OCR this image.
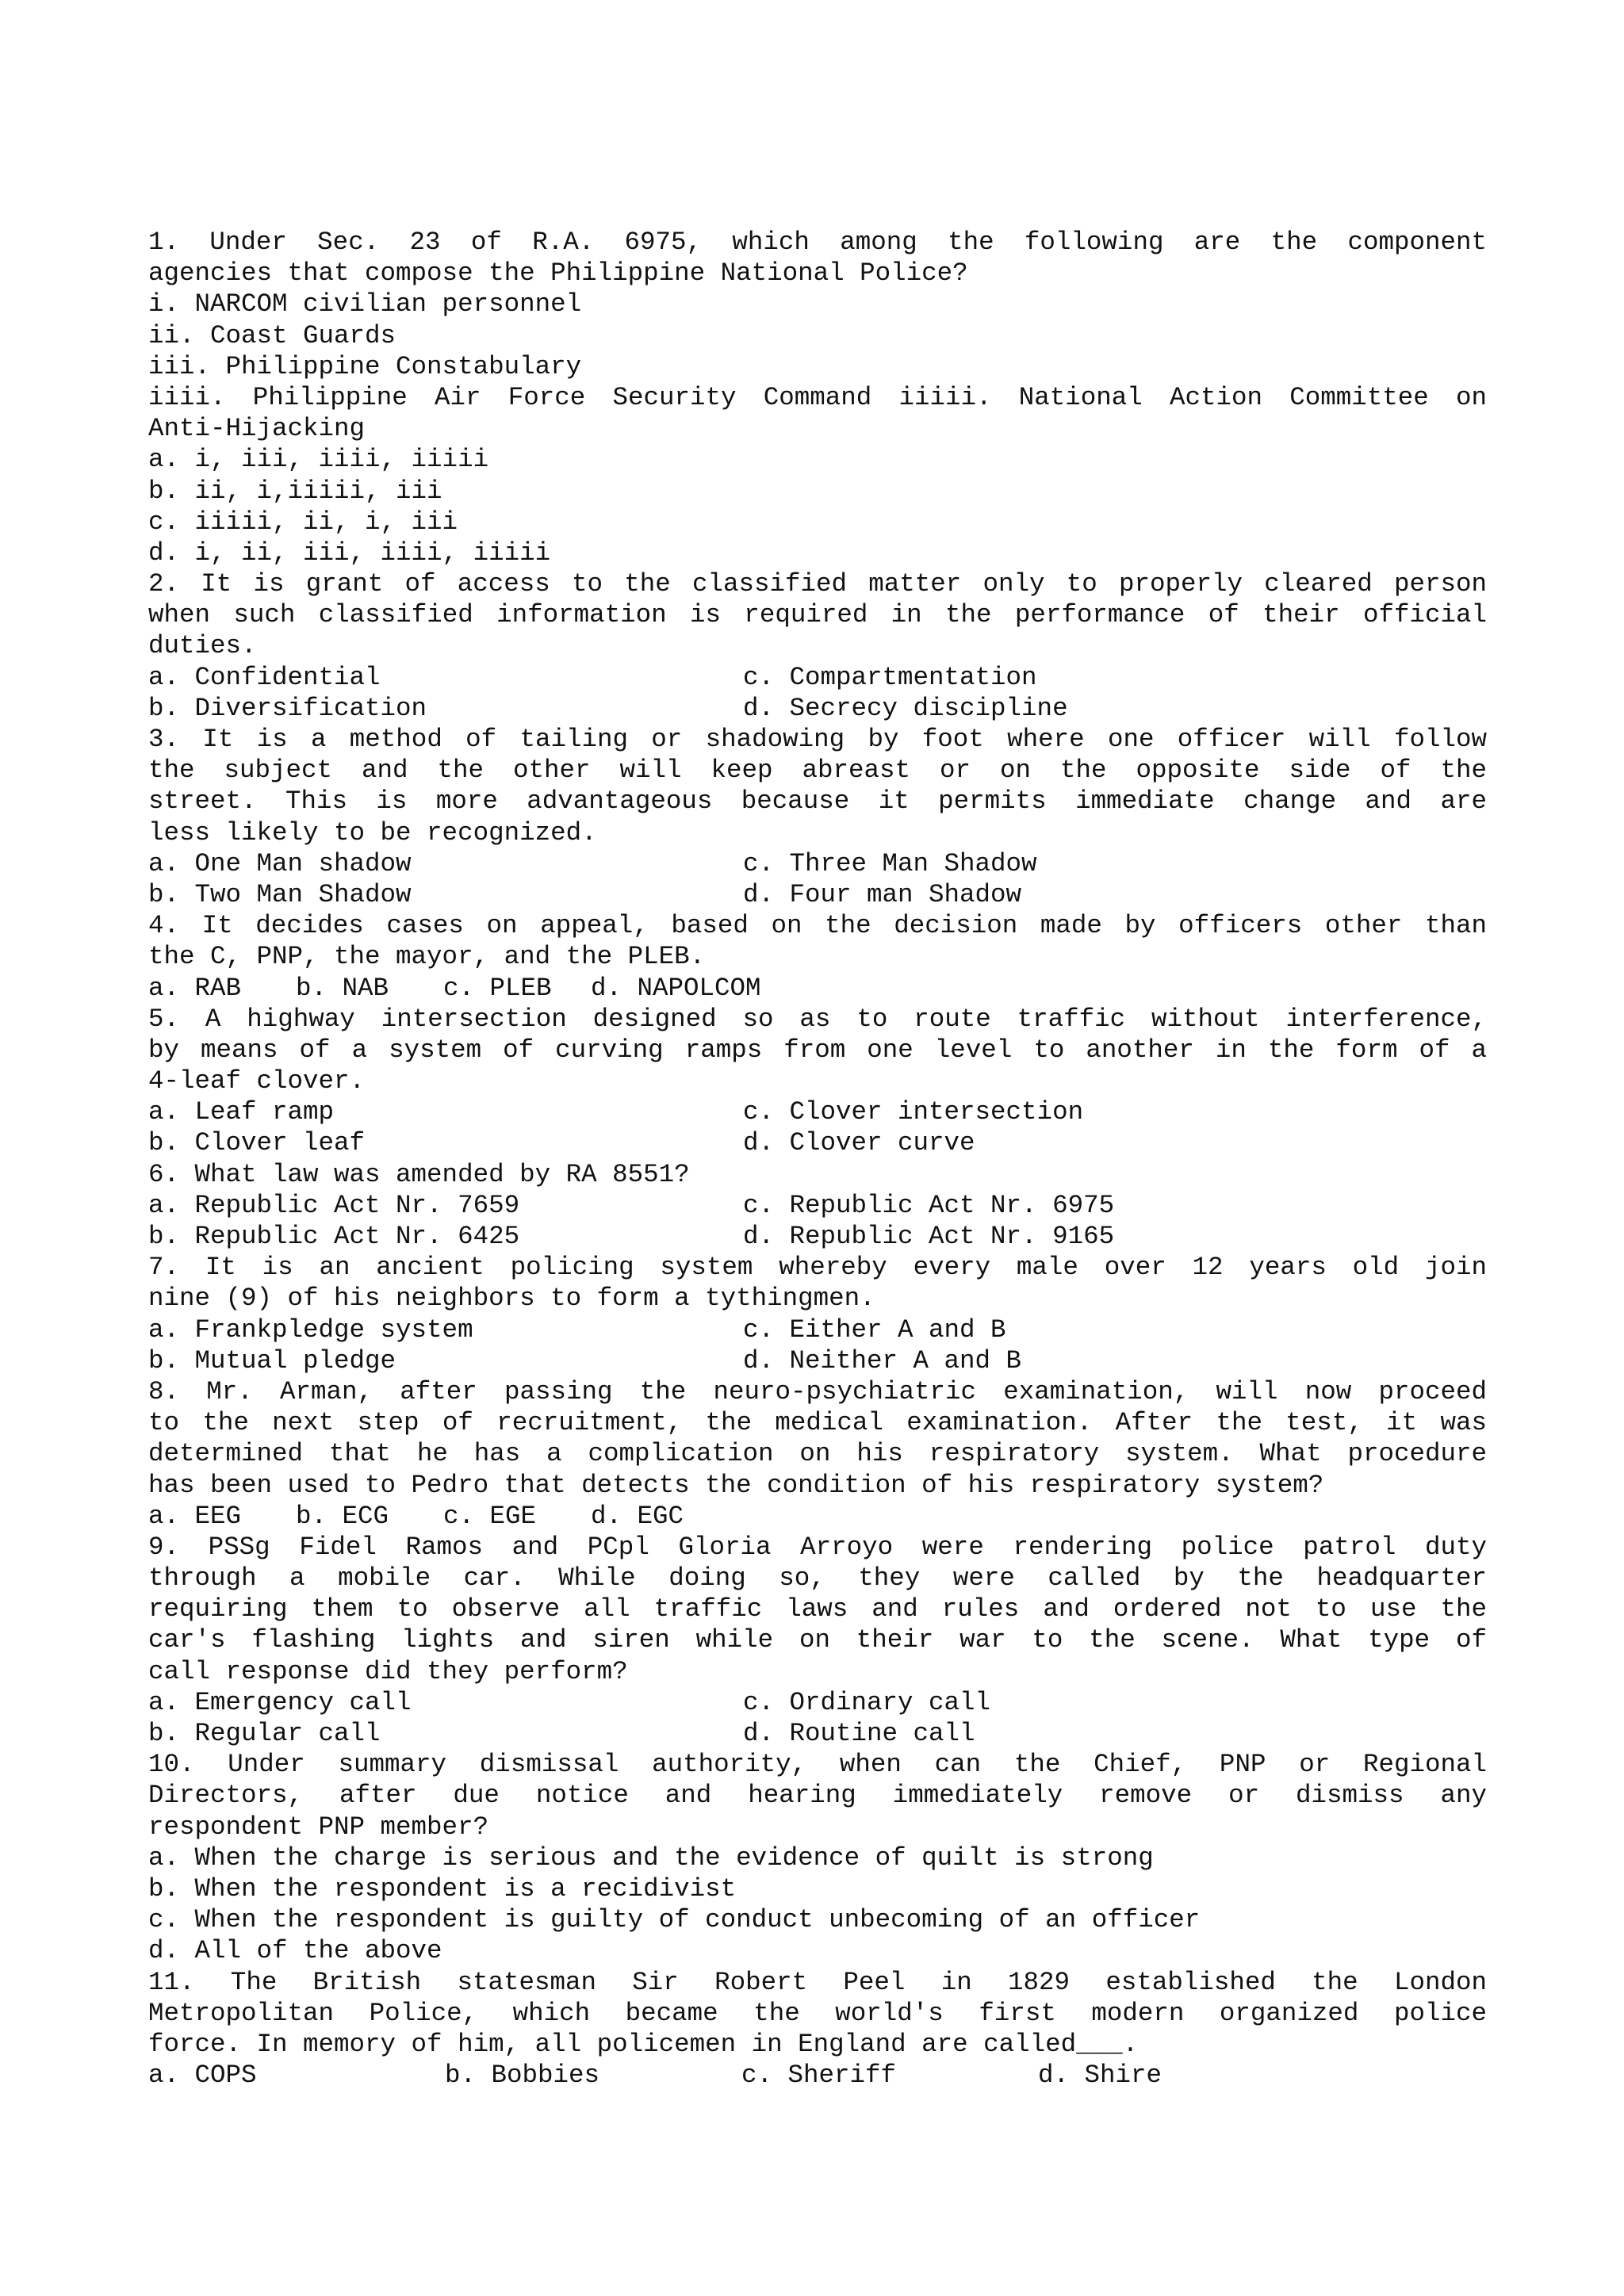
1. Under Sec. 23 of R.A. 6975, which among the following are the component
agencies that compose the Philippine National Police?
i. NARCOM civilian personnel
ii. Coast Guards
iii. Philippine Constabulary
iiii. Philippine Air Force Security Command iiiii. National Action Committee on
Anti-Hijacking
a. i, iii, iiii, iiiii
b. ii, i,iiiii, iii
c. iiiii, ii, i, iii
d. i, ii, iii, iiii, iiiii
2. It is grant of access to the classified matter only to properly cleared person
when such classified information is required in the performance of their official
duties.
a. Confidential	c. Compartmentation
b. Diversification	d. Secrecy discipline
3. It is a method of tailing or shadowing by foot where one officer will follow
the subject and the other will keep abreast or on the opposite side of the
street. This is more advantageous because it permits immediate change and are
less likely to be recognized.
a. One Man shadow	c. Three Man Shadow
b. Two Man Shadow	d. Four man Shadow
4. It decides cases on appeal, based on the decision made by officers other than
the C, PNP, the mayor, and the PLEB.
a. RAB	b. NAB	c. PLEB	d. NAPOLCOM
5. A highway intersection designed so as to route traffic without interference,
by means of a system of curving ramps from one level to another in the form of a
4-leaf clover.
a. Leaf ramp	c. Clover intersection
b. Clover leaf	d. Clover curve
6. What law was amended by RA 8551?
a. Republic Act Nr. 7659	c. Republic Act Nr. 6975
b. Republic Act Nr. 6425	d. Republic Act Nr. 9165
7. It is an ancient policing system whereby every male over 12 years old join
nine (9) of his neighbors to form a tythingmen.
a. Frankpledge system	c. Either A and B
b. Mutual pledge	d. Neither A and B
8. Mr. Arman, after passing the neuro-psychiatric examination, will now proceed
to the next step of recruitment, the medical examination. After the test, it was
determined that he has a complication on his respiratory system. What procedure
has been used to Pedro that detects the condition of his respiratory system?
a. EEG	b. ECG	c. EGE	d. EGC
9. PSSg Fidel Ramos and PCpl Gloria Arroyo were rendering police patrol duty
through a mobile car. While doing so, they were called by the headquarter
requiring them to observe all traffic laws and rules and ordered not to use the
car's flashing lights and siren while on their war to the scene. What type of
call response did they perform?
a. Emergency call	c. Ordinary call
b. Regular call	d. Routine call
10. Under summary dismissal authority, when can the Chief, PNP or Regional
Directors, after due notice and hearing immediately remove or dismiss any
respondent PNP member?
a. When the charge is serious and the evidence of quilt is strong
b. When the respondent is a recidivist
c. When the respondent is guilty of conduct unbecoming of an officer
d. All of the above
11. The British statesman Sir Robert Peel in 1829 established the London
Metropolitan Police, which became the world's first modern organized police
force. In memory of him, all policemen in England are called___.
a. COPS	b. Bobbies	c. Sheriff	d. Shire
